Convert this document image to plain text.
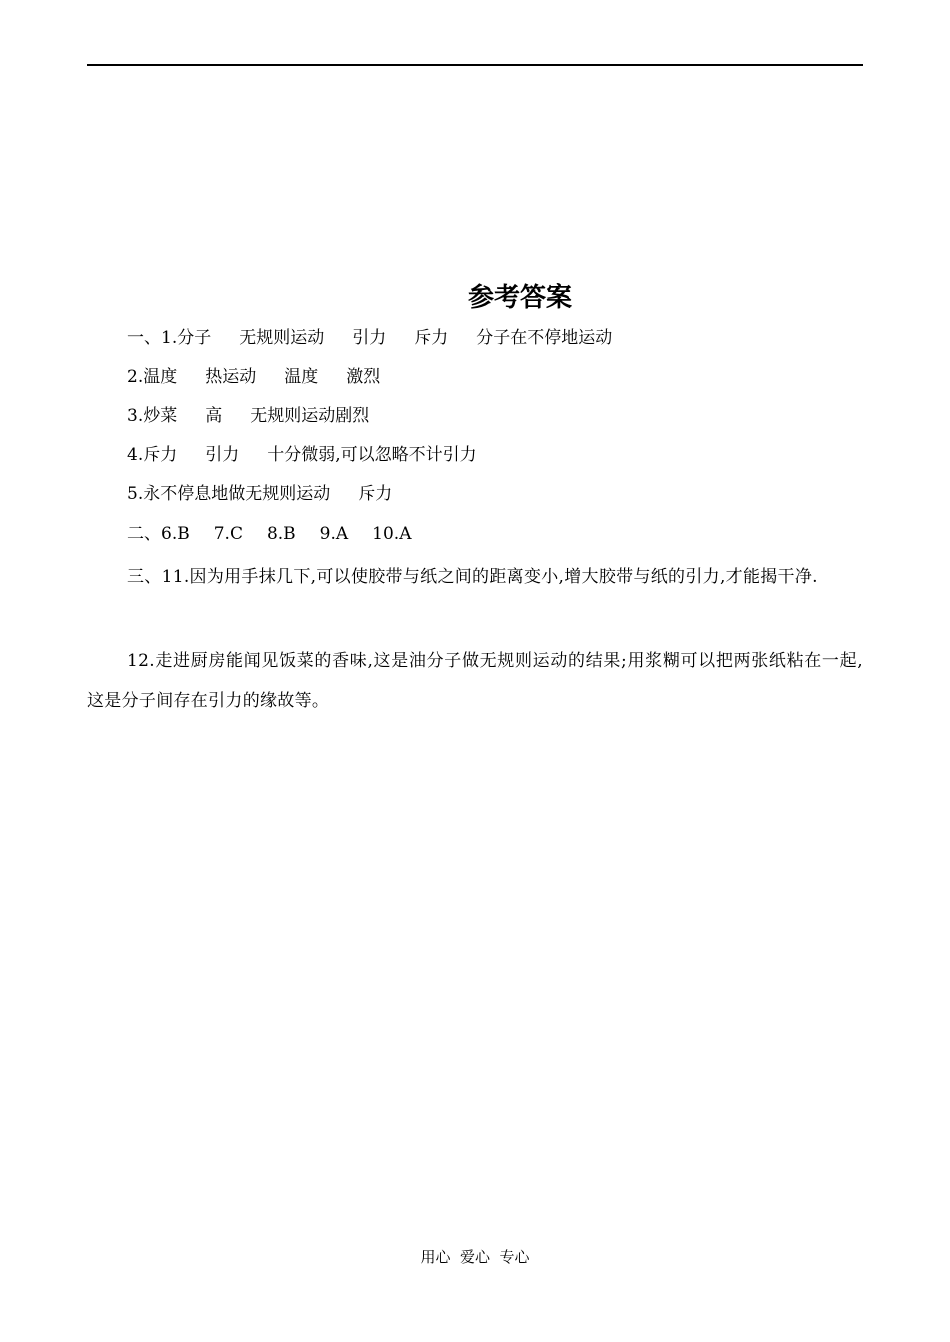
参考答案
一、1.分子 无规则运动 引力 斥力 分子在不停地运动
2.温度 热运动 温度 激烈
3.炒菜 高 无规则运动剧烈
4.斥力 引力 十分微弱,可以忽略不计引力
5.永不停息地做无规则运动 斥力
二、6.B 7.C 8.B 9.A 10.A
三、11.因为用手抹几下,可以使胶带与纸之间的距离变小,增大胶带与纸的引力,才能揭干净.
12.走进厨房能闻见饭菜的香味,这是油分子做无规则运动的结果;用浆糊可以把两张纸粘在一起,这是分子间存在引力的缘故等。
用心  爱心  专心
